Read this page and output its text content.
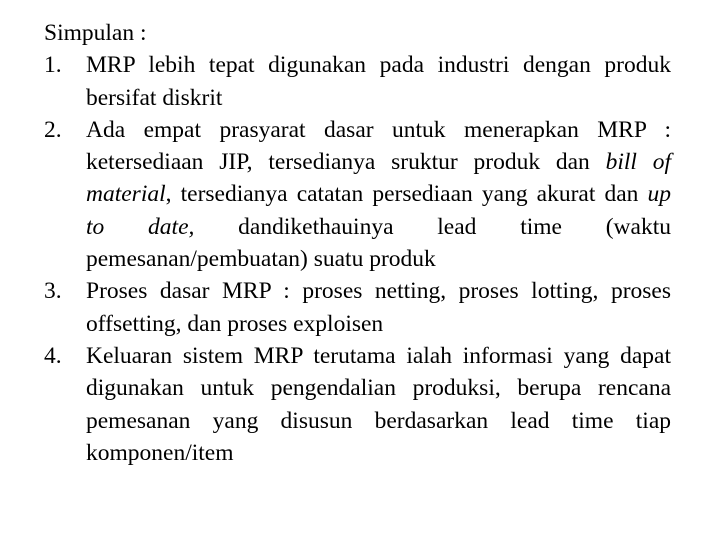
Simpulan :

1. MRP lebih tepat digunakan pada industri dengan produk bersifat diskrit
2. Ada empat prasyarat dasar untuk menerapkan MRP : ketersediaan JIP, tersedianya sruktur produk dan bill of material, tersedianya catatan persediaan yang akurat dan up to date, dandikethauinya lead time (waktu pemesanan/pembuatan) suatu produk
3. Proses dasar MRP : proses netting, proses lotting, proses offsetting, dan proses exploisen
4. Keluaran sistem MRP terutama ialah informasi yang dapat digunakan untuk pengendalian produksi, berupa rencana pemesanan yang disusun berdasarkan lead time tiap komponen/item
